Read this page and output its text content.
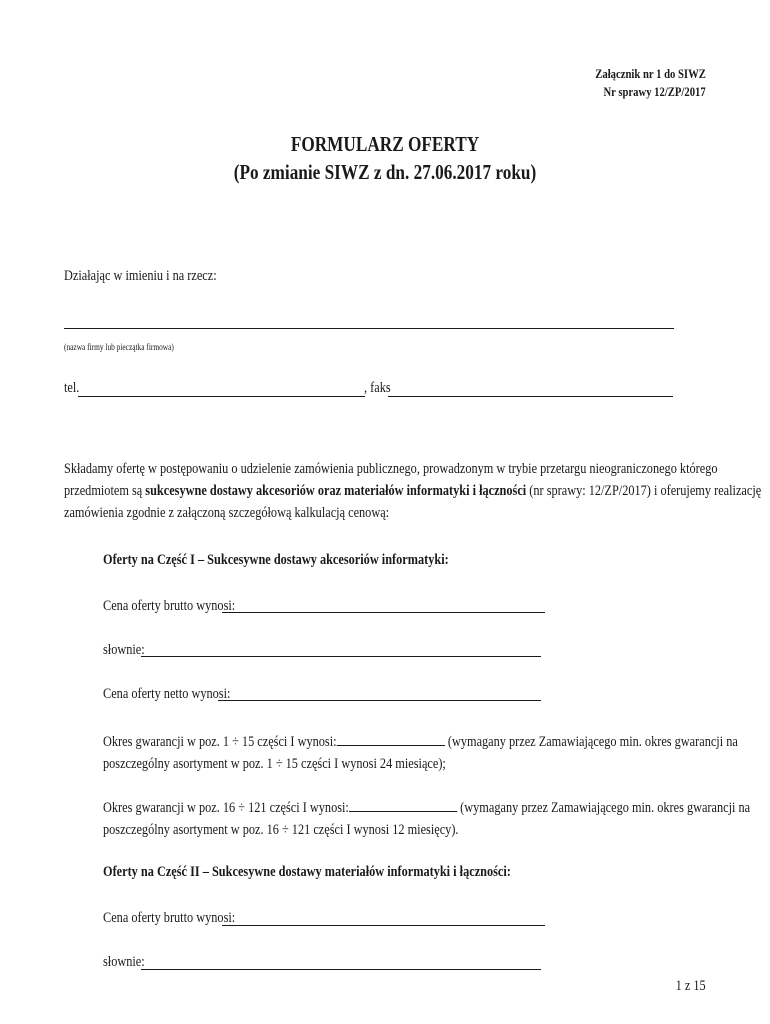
Załącznik nr 1 do SIWZ
Nr sprawy 12/ZP/2017
FORMULARZ OFERTY
(Po zmianie SIWZ z dn. 27.06.2017 roku)
Działając w imieniu i na rzecz:
(nazwa firmy lub pieczątka firmowa)
tel.	, faks
Składamy ofertę w postępowaniu o udzielenie zamówienia publicznego, prowadzonym w trybie przetargu nieograniczonego którego
przedmiotem są sukcesywne dostawy akcesoriów oraz materiałów informatyki i łączności (nr sprawy: 12/ZP/2017) i oferujemy realizację
zamówienia zgodnie z załączoną szczegółową kalkulacją cenową:
Oferty na Część I – Sukcesywne dostawy akcesoriów informatyki:
Cena oferty brutto wynosi:
słownie:
Cena oferty netto wynosi:
Okres gwarancji w poz. 1 ÷ 15 części I wynosi:	(wymagany przez Zamawiającego min. okres gwarancji na
poszczególny asortyment w poz. 1 ÷ 15 części I wynosi 24 miesiące);
Okres gwarancji w poz. 16 ÷ 121 części I wynosi:	(wymagany przez Zamawiającego min. okres gwarancji na
poszczególny asortyment w poz. 16 ÷ 121 części I wynosi 12 miesięcy).
Oferty na Część II – Sukcesywne dostawy materiałów informatyki i łączności:
Cena oferty brutto wynosi:
słownie:
1 z 15
